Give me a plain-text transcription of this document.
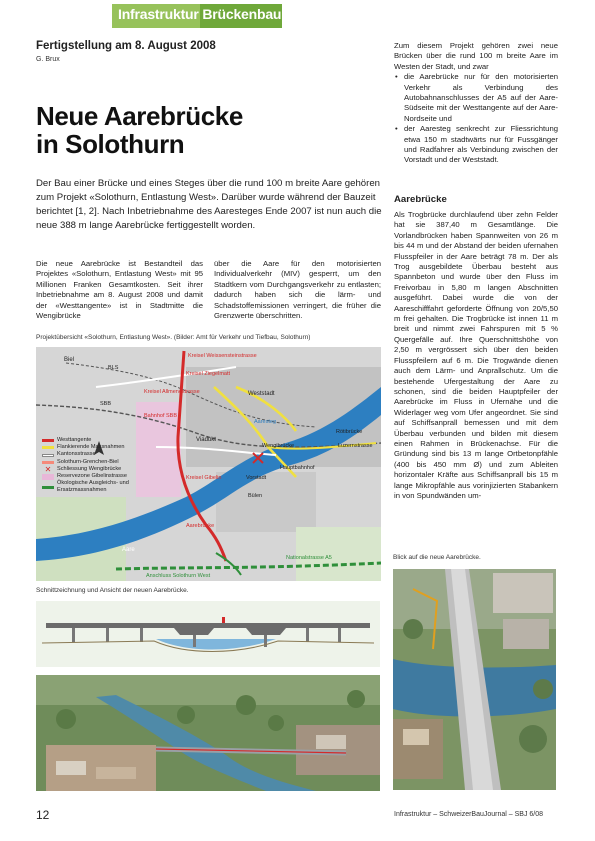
Infrastruktur Brückenbau
Fertigstellung am 8. August 2008
G. Brux
Neue Aarebrücke
in Solothurn
Der Bau einer Brücke und eines Steges über die rund 100 m breite Aare gehören zum Projekt «Solothurn, Entlastung West». Darüber wurde während der Bauzeit berichtet [1, 2]. Nach Inbetriebnahme des Aaresteges Ende 2007 ist nun auch die neue 388 m lange Aarebrücke fertiggestellt worden.
Die neue Aarebrücke ist Bestandteil das Projektes «Solothurn, Entlastung West» mit 95 Millionen Franken Gesamtkosten. Seit ihrer Inbetriebnahme am 8. August 2008 und damit der «Westtangente» ist in Stadtmitte die Wengibrücke
über die Aare für den motorisierten Individualverkehr (MIV) gesperrt, um den Stadtkern vom Durchgangsverkehr zu entlasten; dadurch haben sich die lärm- und Schadstoffemissionen verringert, die früher die Grenzwerte überschritten.

Zum diesem Projekt gehören zwei neue Brücken über die rund 100 m breite Aare im Westen der Stadt, und zwar

• die Aarebrücke nur für den motorisierten Verkehr als Verbindung des Autobahnanschlusses der A5 auf der Aare-Südseite mit der Westtangente auf der Aare-Nordseite und
• der Aaresteg senkrecht zur Fliessrichtung etwa 150 m stadtwärts nur für Fussgänger und Radfahrer als Verbindung zwischen der Vorstadt und der Weststadt.
Aarebrücke
Als Trogbrücke durchlaufend über zehn Felder hat sie 387,40 m Gesamtlänge. Die Vorlandbrücken haben Spannweiten von 26 m bis 44 m und der Abstand der beiden ufernahen Flusspfeiler in der Aare beträgt 78 m. Der als Trog ausgebildete Überbau besteht aus Spannbeton und wurde über den Fluss im Freivorbau in 5,80 m langen Abschnitten ausgeführt. Dabei wurde die von der Aareschifffahrt geforderte Öffnung von 20/5,50 m frei gehalten. Die Trogbrücke ist innen 11 m breit und nimmt zwei Fahrspuren mit 5 % Quergefälle auf. Ihre Querschnittshöhe von 2,50 m vergrössert sich über den beiden Flusspfeilern auf 6 m. Die Trogwände dienen auch dem Lärm- und Anprallschutz. Um die bestehende Ufergestaltung der Aare zu schonen, sind die beiden Hauptpfeiler der Aarebrücke im Fluss in Ufernähe und die Widerlager weg vom Ufer angeordnet. Sie sind auf Schiffsanprall bemessen und mit dem Überbau verbunden und bilden mit diesem einen Rahmen in Brückenachse. Für die Gründung sind bis 13 m lange Ortbetonpfähle (400 bis 450 mm Ø) und zum Ableiten horizontaler Kräfte aus Schiffsanprall bis 15 m lange Mikropfähle aus vorinjizierten Stabankern in von Spundwänden um-
Projektübersicht «Solothurn, Entlastung West». (Bilder: Amt für Verkehr und Tiefbau, Solothurn)
Biel
BLS
SBB
Kreisel Weissensteinstrasse
Kreisel Ziegelmatt
Kreisel Allmendstrasse	Weststadt
Bahnhof SBB
Aaresteg
Viadukt
Wengibrücke
Rötibrücke
Luzernstrasse
Hauptbahnhof
Vorstadt
Kreisel Gibelin
Bülen
Aare
Aarebrücke
Nationalstrasse A5
Anschluss Solothurn West
Westtangente
Flankierende Massnahmen
Kantonsstrasse
Solothurn-Grenchen-Biel
✕	Schliessung Wengibrücke
Reservezone Gibelinstrasse
Ökologische Ausgleichs- und Ersatzmassnahmen
Schnittzeichnung und Ansicht der neuen Aarebrücke.
Blick auf die neue Aarebrücke.
12	Infrastruktur – SchweizerBauJournal – SBJ 6/08
